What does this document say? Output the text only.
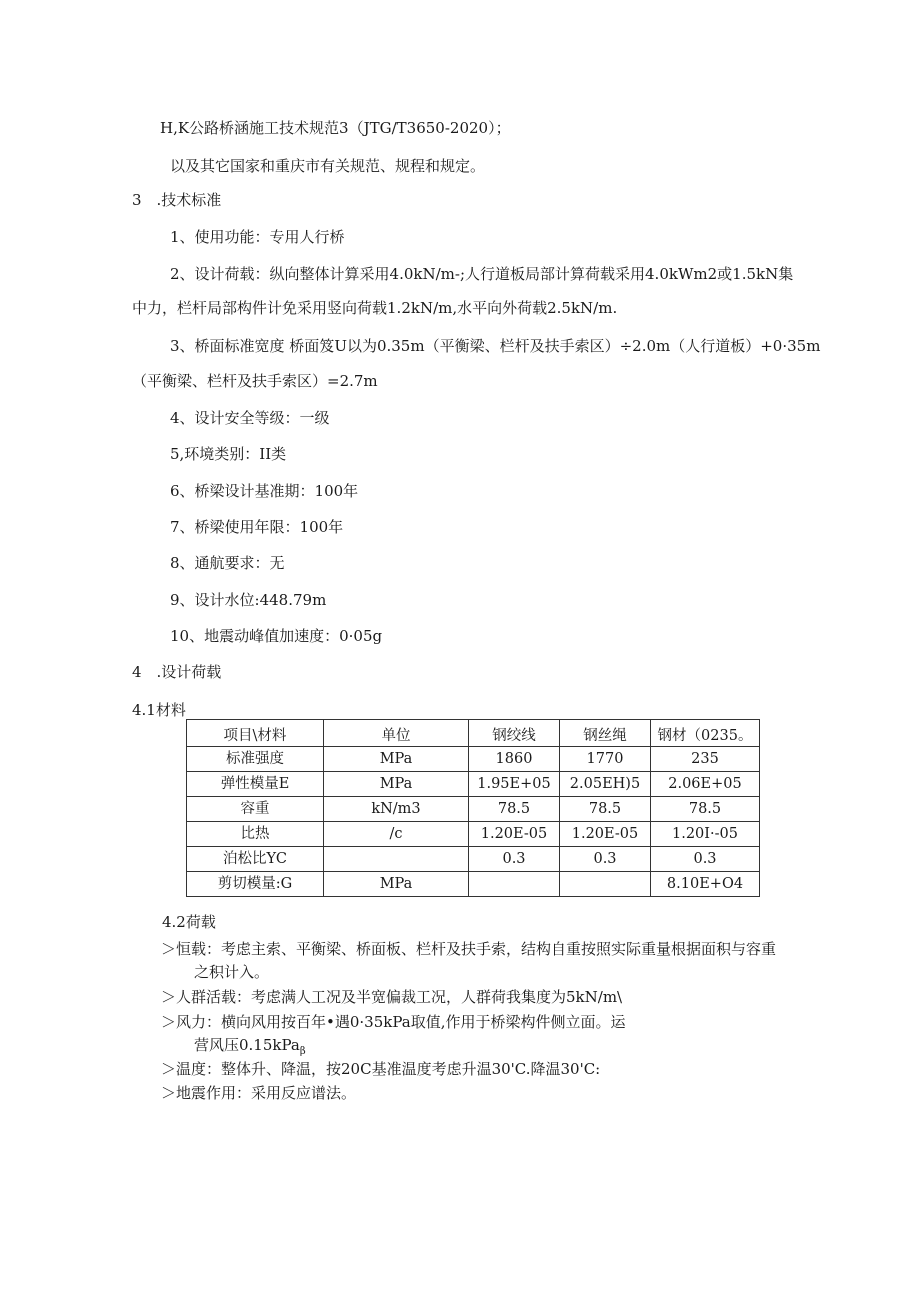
H,K公路桥涵施工技术规范3（JTG/T3650-2020）；
以及其它国家和重庆市有关规范、规程和规定。
3　.技术标准
1、使用功能：专用人行桥
2、设计荷载：纵向整体计算采用4.0kN/m-;人行道板局部计算荷载采用4.0kWm2或1.5kN集
中力，栏杆局部构件计免采用竖向荷载1.2kN/m,水平向外荷载2.5kN/m.
3、桥面标准宽度 桥面笈U以为0.35m（平衡梁、栏杆及扶手索区）÷2.0m（人行道板）+0·35m
（平衡梁、栏杆及扶手索区）=2.7m
4、设计安全等级：一级
5,环境类别：II类
6、桥梁设计基准期：100年
7、桥梁使用年限：100年
8、通航要求：无
9、设计水位:448.79m
10、地震动峰值加速度：0·05g
4　.设计荷载
4.1材料
项目\材料	单位	钢绞线	钢丝绳	钢材（0235。
标准强度	MPa	1860	1770	235
弹性模量E	MPa	1.95E+05	2.05EH)5	2.06E+05
容重	kN/m3	78.5	78.5	78.5
比热	/c	1.20E-05	1.20E-05	1.20I·-05
泊松比YC		0.3	0.3	0.3
剪切模量:G	MPa			8.10E+O4
4.2荷载
＞恒载：考虑主索、平衡梁、桥面板、栏杆及扶手索，结构自重按照实际重量根据面积与容重
之积计入。
＞人群活载：考虑满人工况及半宽偏裁工况，人群荷我集度为5kN/m\
＞风力：横向风用按百年•遇0·35kPa取值,作用于桥梁构件侧立面。运
营风压0.15kPa$_\beta$
＞温度：整体升、降温，按20C基准温度考虑升温30'C.降温30'C:
＞地震作用：采用反应谱法。
